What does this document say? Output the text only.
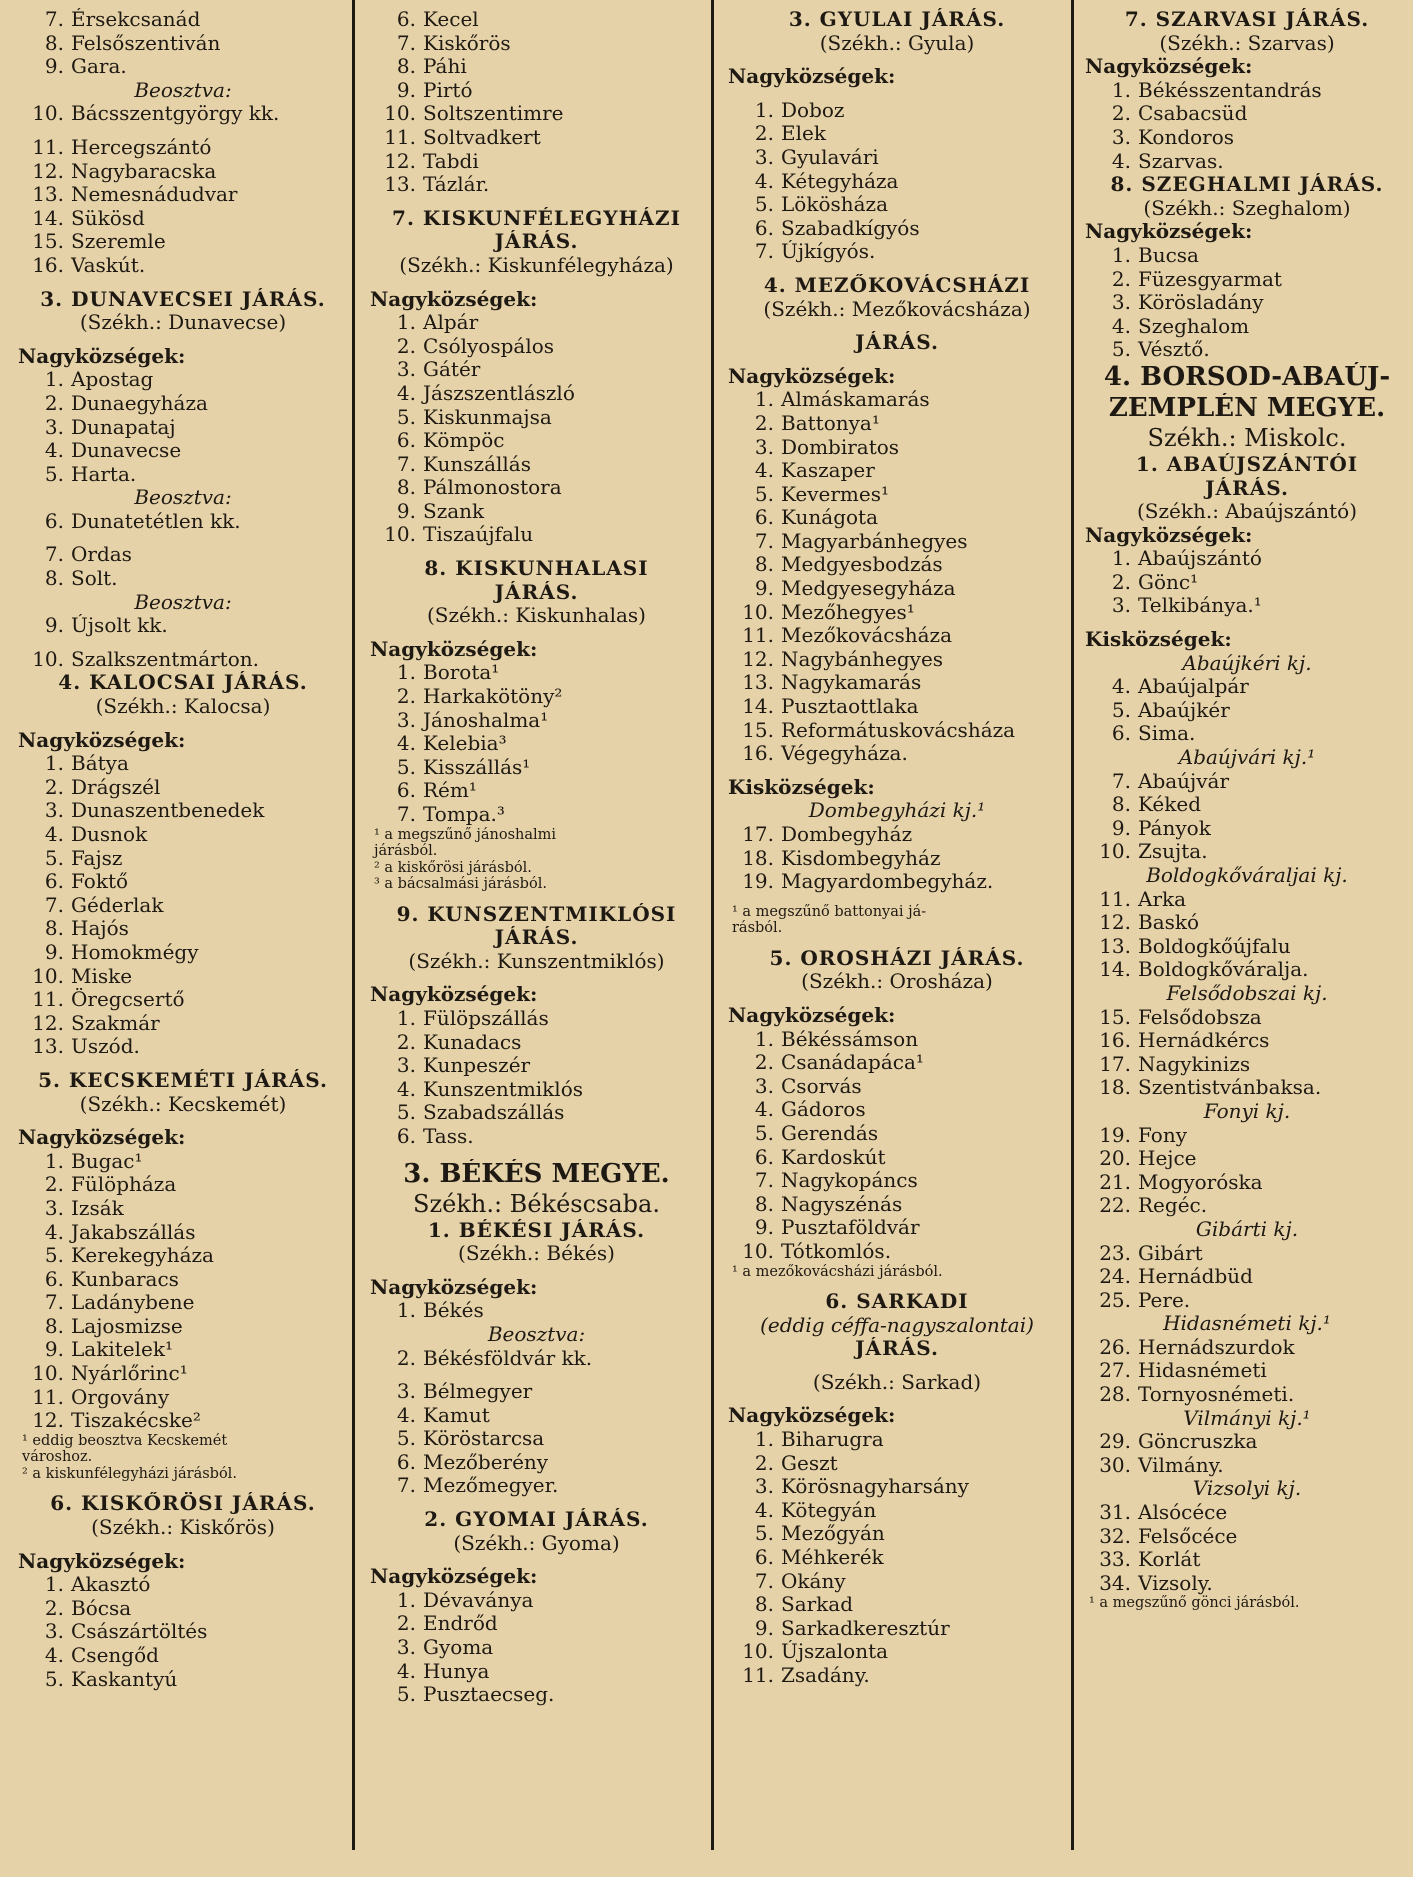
7. Érsekcsanád
8. Felsőszentiván
9. Gara.
Beosztva:
10. Bácsszentgyörgy kk.
11. Hercegszántó
12. Nagybaracska
13. Nemesnádudvar
14. Sükösd
15. Szeremle
16. Vaskút.
3. DUNAVECSEI JÁRÁS.
(Székh.: Dunavecse)
Nagyközségek:
1. Apostag
2. Dunaegyháza
3. Dunapataj
4. Dunavecse
5. Harta.
Beosztva:
6. Dunatetétlen kk.
7. Ordas
8. Solt.
Beosztva:
9. Újsolt kk.
10. Szalkszentmárton.
4. KALOCSAI JÁRÁS.
(Székh.: Kalocsa)
Nagyközségek:
1. Bátya
2. Drágszél
3. Dunaszentbenedek
4. Dusnok
5. Fajsz
6. Foktő
7. Géderlak
8. Hajós
9. Homokmégy
10. Miske
11. Öregcsertő
12. Szakmár
13. Uszód.
5. KECSKEMÉTI JÁRÁS.
(Székh.: Kecskemét)
Nagyközségek:
1. Bugac¹
2. Fülöpháza
3. Izsák
4. Jakabszállás
5. Kerekegyháza
6. Kunbaracs
7. Ladánybene
8. Lajosmizse
9. Lakitelek¹
10. Nyárlőrinc¹
11. Orgovány
12. Tiszakécske²
¹ eddig beosztva Kecskemét
városhoz.
² a kiskunfélegyházi járásból.
6. KISKŐRÖSI JÁRÁS.
(Székh.: Kiskőrös)
Nagyközségek:
1. Akasztó
2. Bócsa
3. Császártöltés
4. Csengőd
5. Kaskantyú
6. Kecel
7. Kiskőrös
8. Páhi
9. Pirtó
10. Soltszentimre
11. Soltvadkert
12. Tabdi
13. Tázlár.
7. KISKUNFÉLEGYHÁZI
JÁRÁS.
(Székh.: Kiskunfélegyháza)
Nagyközségek:
1. Alpár
2. Csólyospálos
3. Gátér
4. Jászszentlászló
5. Kiskunmajsa
6. Kömpöc
7. Kunszállás
8. Pálmonostora
9. Szank
10. Tiszaújfalu
8. KISKUNHALASI
JÁRÁS.
(Székh.: Kiskunhalas)
Nagyközségek:
1. Borota¹
2. Harkakötöny²
3. Jánoshalma¹
4. Kelebia³
5. Kisszállás¹
6. Rém¹
7. Tompa.³
¹ a megszűnő jánoshalmi
járásból.
² a kiskőrösi járásból.
³ a bácsalmási járásból.
9. KUNSZENTMIKLÓSI
JÁRÁS.
(Székh.: Kunszentmiklós)
Nagyközségek:
1. Fülöpszállás
2. Kunadacs
3. Kunpeszér
4. Kunszentmiklós
5. Szabadszállás
6. Tass.
3. BÉKÉS MEGYE.
Székh.: Békéscsaba.
1. BÉKÉSI JÁRÁS.
(Székh.: Békés)
Nagyközségek:
1. Békés
Beosztva:
2. Békésföldvár kk.
3. Bélmegyer
4. Kamut
5. Köröstarcsa
6. Mezőberény
7. Mezőmegyer.
2. GYOMAI JÁRÁS.
(Székh.: Gyoma)
Nagyközségek:
1. Dévaványa
2. Endrőd
3. Gyoma
4. Hunya
5. Pusztaecseg.
3. GYULAI JÁRÁS.
(Székh.: Gyula)
Nagyközségek:
1. Doboz
2. Elek
3. Gyulavári
4. Kétegyháza
5. Lökösháza
6. Szabadkígyós
7. Újkígyós.
4. MEZŐKOVÁCSHÁZI
(Székh.: Mezőkovácsháza)
JÁRÁS.
Nagyközségek:
1. Almáskamarás
2. Battonya¹
3. Dombiratos
4. Kaszaper
5. Kevermes¹
6. Kunágota
7. Magyarbánhegyes
8. Medgyesbodzás
9. Medgyesegyháza
10. Mezőhegyes¹
11. Mezőkovácsháza
12. Nagybánhegyes
13. Nagykamarás
14. Pusztaottlaka
15. Reformátuskovácsháza
16. Végegyháza.
Kisközségek:
Dombegyházi kj.¹
17. Dombegyház
18. Kisdombegyház
19. Magyardombegyház.
¹ a megszűnő battonyai já-
rásból.
5. OROSHÁZI JÁRÁS.
(Székh.: Orosháza)
Nagyközségek:
1. Békéssámson
2. Csanádapáca¹
3. Csorvás
4. Gádoros
5. Gerendás
6. Kardoskút
7. Nagykopáncs
8. Nagyszénás
9. Pusztaföldvár
10. Tótkomlós.
¹ a mezőkovácsházi járásból.
6. SARKADI
(eddig céffa-nagyszalontai)
JÁRÁS.
(Székh.: Sarkad)
Nagyközségek:
1. Biharugra
2. Geszt
3. Körösnagyharsány
4. Kötegyán
5. Mezőgyán
6. Méhkerék
7. Okány
8. Sarkad
9. Sarkadkeresztúr
10. Újszalonta
11. Zsadány.
7. SZARVASI JÁRÁS.
(Székh.: Szarvas)
Nagyközségek:
1. Békésszentandrás
2. Csabacsüd
3. Kondoros
4. Szarvas.
8. SZEGHALMI JÁRÁS.
(Székh.: Szeghalom)
Nagyközségek:
1. Bucsa
2. Füzesgyarmat
3. Körösladány
4. Szeghalom
5. Vésztő.
4. BORSOD-ABAÚJ-
ZEMPLÉN MEGYE.
Székh.: Miskolc.
1. ABAÚJSZÁNTÓI
JÁRÁS.
(Székh.: Abaújszántó)
Nagyközségek:
1. Abaújszántó
2. Gönc¹
3. Telkibánya.¹
Kisközségek:
Abaújkéri kj.
4. Abaújalpár
5. Abaújkér
6. Sima.
Abaújvári kj.¹
7. Abaújvár
8. Kéked
9. Pányok
10. Zsujta.
Boldogkőváraljai kj.
11. Arka
12. Baskó
13. Boldogkőújfalu
14. Boldogkőváralja.
Felsődobszai kj.
15. Felsődobsza
16. Hernádkércs
17. Nagykinizs
18. Szentistvánbaksa.
Fonyi kj.
19. Fony
20. Hejce
21. Mogyoróska
22. Regéc.
Gibárti kj.
23. Gibárt
24. Hernádbüd
25. Pere.
Hidasnémeti kj.¹
26. Hernádszurdok
27. Hidasnémeti
28. Tornyosnémeti.
Vilmányi kj.¹
29. Göncruszka
30. Vilmány.
Vizsolyi kj.
31. Alsócéce
32. Felsőcéce
33. Korlát
34. Vizsoly.
¹ a megszűnő gönci járásból.
